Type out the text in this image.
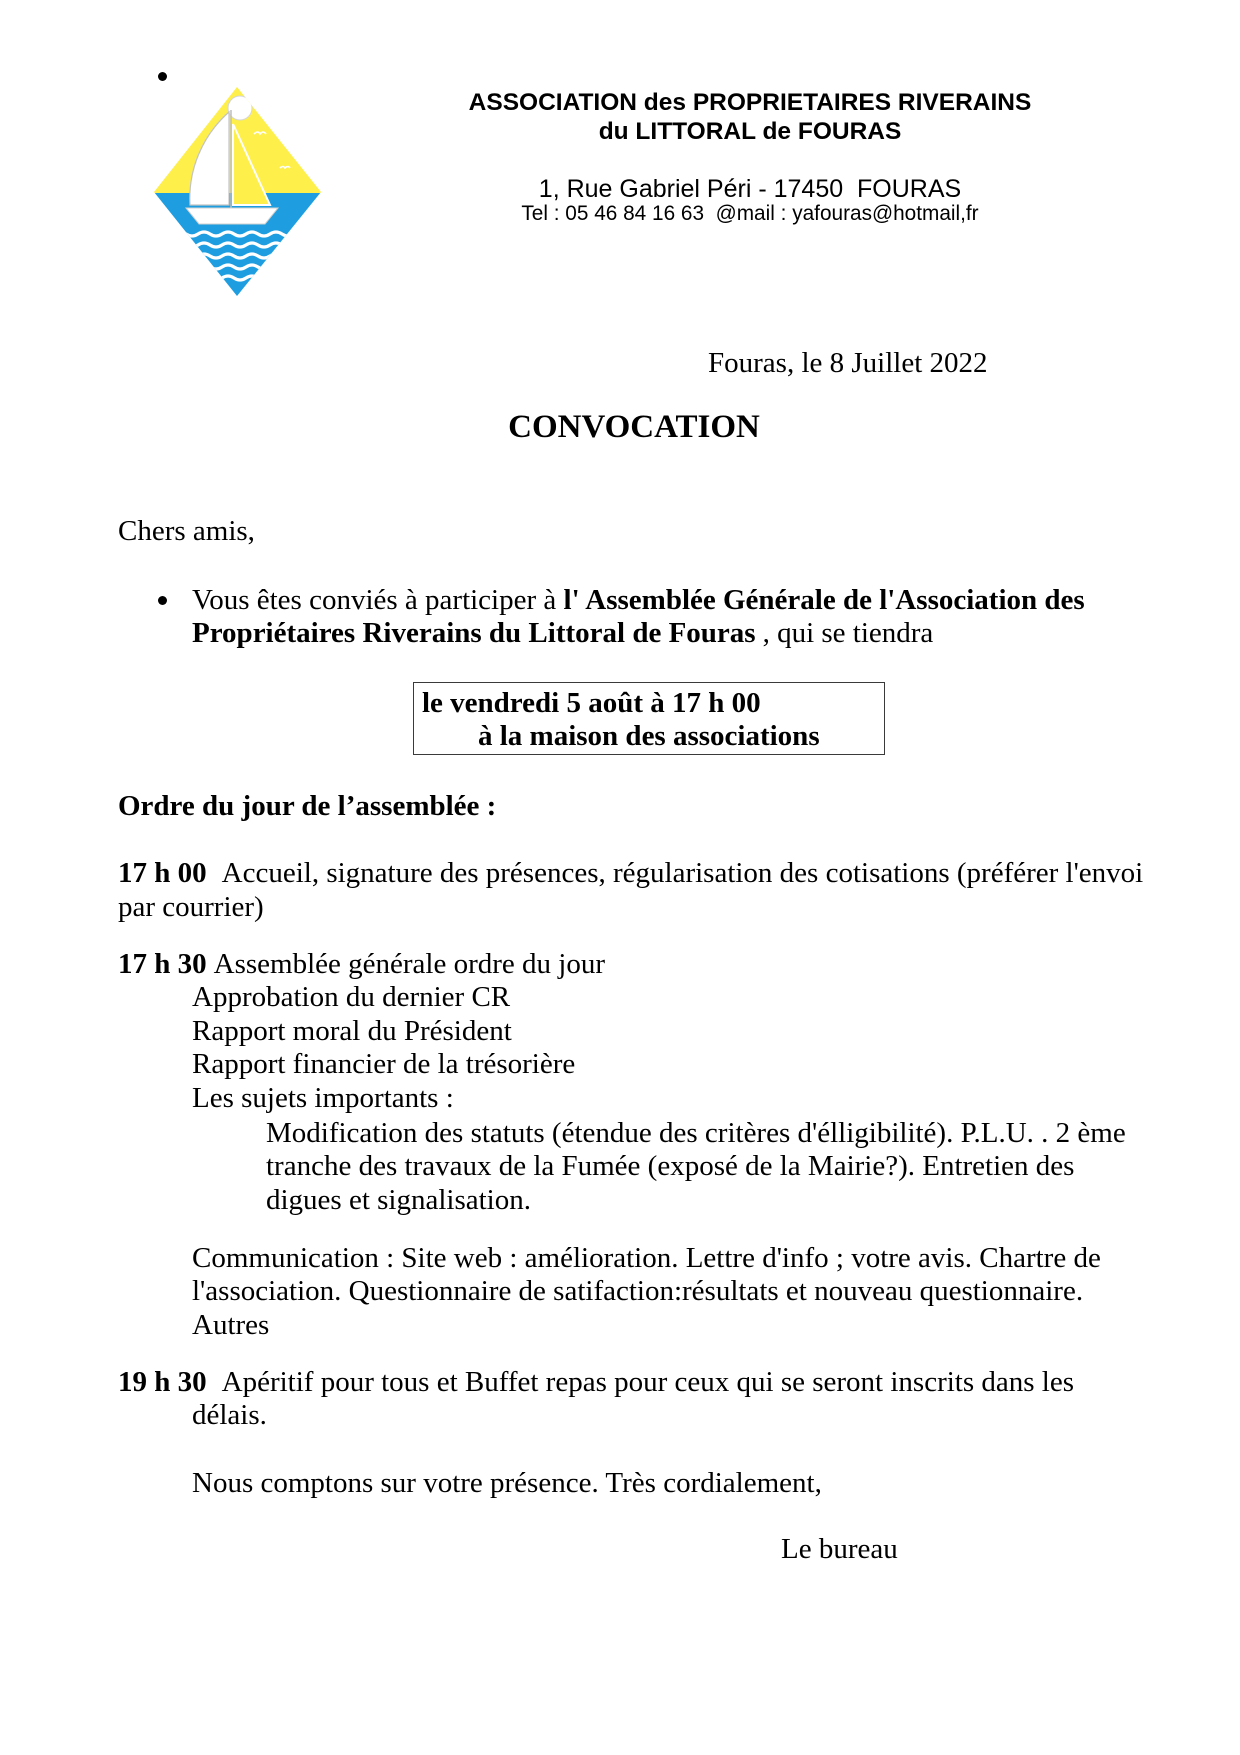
ASSOCIATION des PROPRIETAIRES RIVERAINS
du LITTORAL de FOURAS
1, Rue Gabriel Péri - 17450  FOURAS
Tel : 05 46 84 16 63  @mail : yafouras@hotmail,fr
Fouras, le 8 Juillet 2022
CONVOCATION
Chers amis,
Vous êtes conviés à participer à l' Assemblée Générale de l'Association des
Propriétaires Riverains du Littoral de Fouras , qui se tiendra
le vendredi 5 août à 17 h 00
à la maison des associations
Ordre du jour de l’assemblée :
17 h 00 Accueil, signature des présences, régularisation des cotisations (préférer l'envoi
par courrier)
17 h 30 Assemblée générale ordre du jour
Approbation du dernier CR
Rapport moral du Président
Rapport financier de la trésorière
Les sujets importants :
Modification des statuts (étendue des critères d'élligibilité). P.L.U. . 2 ème
tranche des travaux de la Fumée (exposé de la Mairie?). Entretien des
digues et signalisation.
Communication : Site web : amélioration. Lettre d'info ; votre avis. Chartre de
l'association. Questionnaire de satifaction:résultats et nouveau questionnaire.
Autres
19 h 30 Apéritif pour tous et Buffet repas pour ceux qui se seront inscrits dans les
délais.
Nous comptons sur votre présence. Très cordialement,
Le bureau
